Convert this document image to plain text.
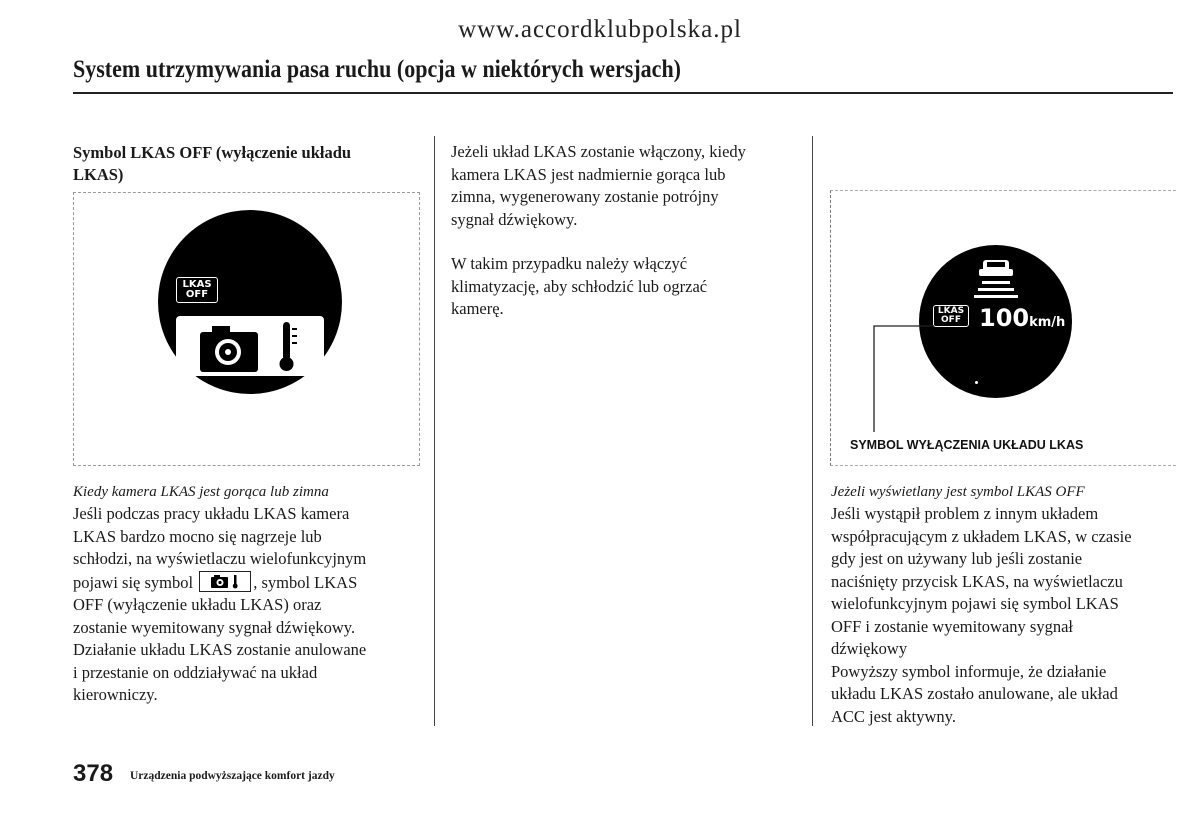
www.accordklubpolska.pl
System utrzymywania pasa ruchu (opcja w niektórych wersjach)
Symbol LKAS OFF (wyłączenie układu
LKAS)
LKAS
OFF
Kiedy kamera LKAS jest gorąca lub zimna
Jeśli podczas pracy układu LKAS kamera
LKAS bardzo mocno się nagrzeje lub
schłodzi, na wyświetlaczu wielofunkcyjnym
pojawi się symbol	, symbol LKAS
OFF (wyłączenie układu LKAS) oraz
zostanie wyemitowany sygnał dźwiękowy.
Działanie układu LKAS zostanie anulowane
i przestanie on oddziaływać na układ
kierowniczy.
Jeżeli układ LKAS zostanie włączony, kiedy
kamera LKAS jest nadmiernie gorąca lub
zimna, wygenerowany zostanie potrójny
sygnał dźwiękowy.
W takim przypadku należy włączyć
klimatyzację, aby schłodzić lub ogrzać
kamerę.	LKAS
OFF 100km/h
SYMBOL WYŁĄCZENIA UKŁADU LKAS
Jeżeli wyświetlany jest symbol LKAS OFF
Jeśli wystąpił problem z innym układem
współpracującym z układem LKAS, w czasie
gdy jest on używany lub jeśli zostanie
naciśnięty przycisk LKAS, na wyświetlaczu
wielofunkcyjnym pojawi się symbol LKAS
OFF i zostanie wyemitowany sygnał
dźwiękowy
Powyższy symbol informuje, że działanie
układu LKAS zostało anulowane, ale układ
ACC jest aktywny.
378 Urządzenia podwyższające komfort jazdy
